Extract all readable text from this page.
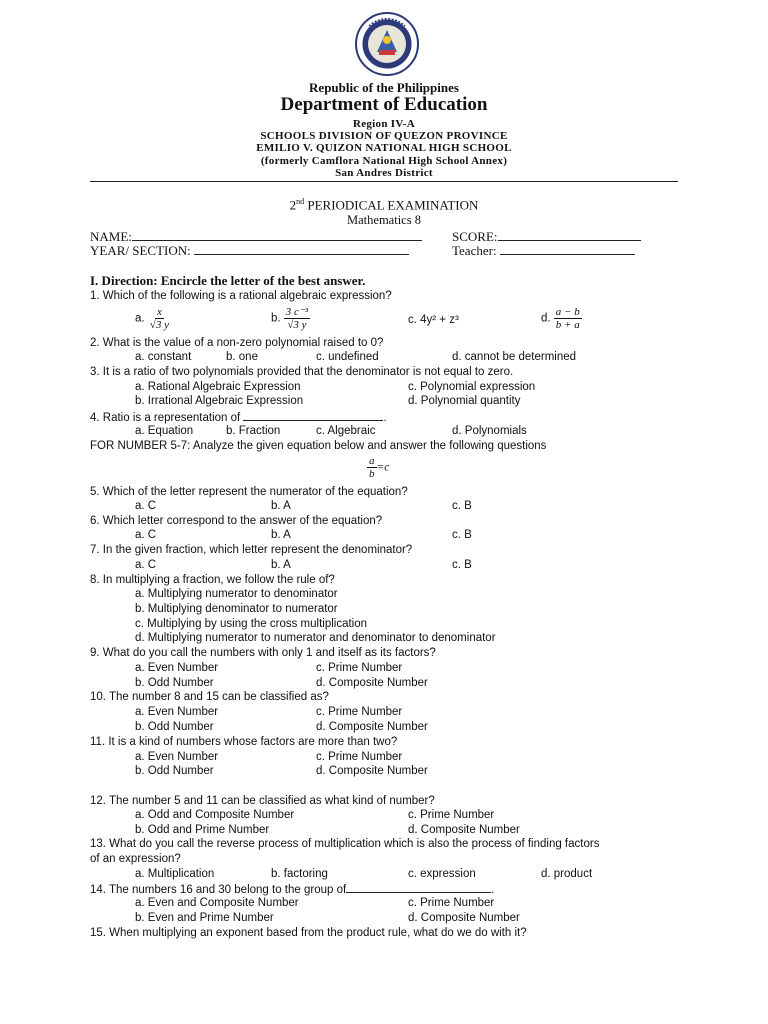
Republic of the Philippines
Department of Education
Region IV-A
SCHOOLS DIVISION OF QUEZON PROVINCE
EMILIO V. QUIZON NATIONAL HIGH SCHOOL
(formerly Camflora National High School Annex)
San Andres District
2nd PERIODICAL EXAMINATION
Mathematics 8
NAME:	SCORE:
YEAR/ SECTION:	Teacher:
I. Direction: Encircle the letter of the best answer.
1. Which of the following is a rational algebraic expression?
a. $\frac{x}{√3 y}$	b. $\frac{\text{3 c⁻³}}{√3 y}$	c. 4y² + z³	d. $\frac{a - b}{b + a}$
2. What is the value of a non-zero polynomial raised to 0?
a. constant	b. one	c. undefined	d. cannot be determined
3. It is a ratio of two polynomials provided that the denominator is not equal to zero.
a. Rational Algebraic Expression	c. Polynomial expression
b. Irrational Algebraic Expression	d. Polynomial quantity
4. Ratio is a representation of	.
a. Equation	b. Fraction	c. Algebraic	d. Polynomials
FOR NUMBER 5-7: Analyze the given equation below and answer the following questions
$\frac{a}{b} =c$
5. Which of the letter represent the numerator of the equation?
a. C	b. A	c. B
6. Which letter correspond to the answer of the equation?
a. C	b. A	c. B
7. In the given fraction, which letter represent the denominator?
a. C	b. A	c. B
8. In multiplying a fraction, we follow the rule of?
a. Multiplying numerator to denominator
b. Multiplying denominator to numerator
c. Multiplying by using the cross multiplication
d. Multiplying numerator to numerator and denominator to denominator
9. What do you call the numbers with only 1 and itself as its factors?
a. Even Number	c. Prime Number
b. Odd Number	d. Composite Number
10. The number 8 and 15 can be classified as?
a. Even Number	c. Prime Number
b. Odd Number	d. Composite Number
11. It is a kind of numbers whose factors are more than two?
a. Even Number	c. Prime Number
b. Odd Number	d. Composite Number
12. The number 5 and 11 can be classified as what kind of number?
a. Odd and Composite Number	c. Prime Number
b. Odd and Prime Number	d. Composite Number
13. What do you call the reverse process of multiplication which is also the process of finding factors
of an expression?
a. Multiplication	b. factoring	c. expression	d. product
14. The numbers 16 and 30 belong to the group of	.
a. Even and Composite Number	c. Prime Number
b. Even and Prime Number	d. Composite Number
15. When multiplying an exponent based from the product rule, what do we do with it?
